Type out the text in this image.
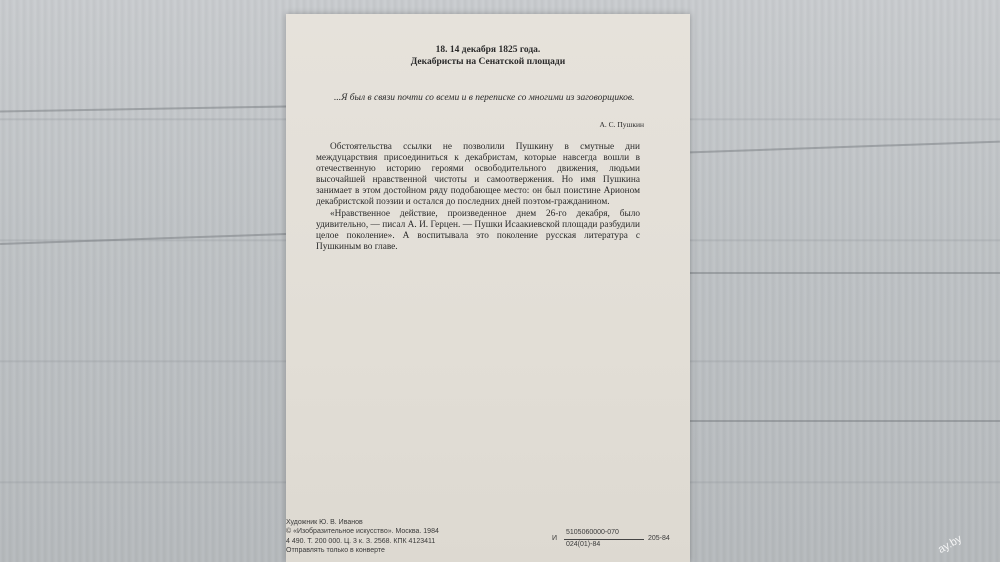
18. 14 декабря 1825 года.
Декабристы на Сенатской площади
...Я был в связи почти со всеми и в переписке со многими из заговорщиков.
А. С. Пушкин

Обстоятельства ссылки не позволили Пушкину в смутные дни междуцарствия присоединиться к декабристам, которые навсегда вошли в отечественную историю героями освободительного движения, людьми высочайшей нравственной чистоты и самоотвержения. Но имя Пушкина занимает в этом достойном ряду подобающее место: он был поистине Арионом декабристской поэзии и остался до последних дней поэтом-гражданином.

«Нравственное действие, произведенное днем 26-го декабря, было удивительно, — писал А. И. Герцен. — Пушки Исаакиевской площади разбудили целое поколение». А воспитывала это поколение русская литература с Пушкиным во главе.

Художник Ю. В. Иванов
© «Изобразительное искусство». Москва. 1984
4 490. Т. 200 000. Ц. 3 к. З. 2568. КПК 4123411
Отправлять только в конверте
И
5105060000-070
024(01)-84
205-84	ay.by
